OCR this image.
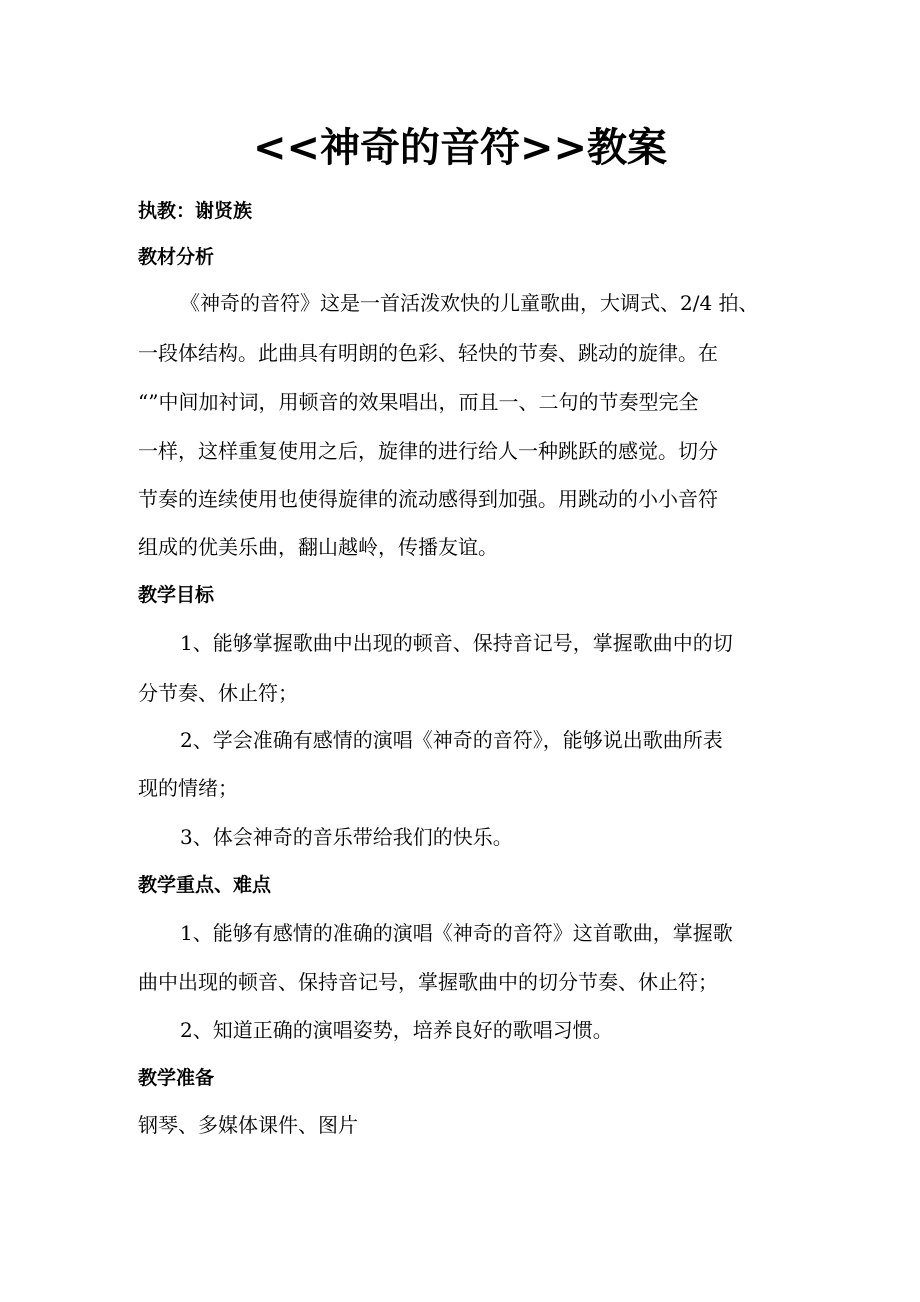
<<神奇的音符>>教案
执教：谢贤族
教材分析
《神奇的音符》这是一首活泼欢快的儿童歌曲，大调式、2/4 拍、
一段体结构。此曲具有明朗的色彩、轻快的节奏、跳动的旋律。在
“”中间加衬词，用顿音的效果唱出，而且一、二句的节奏型完全
一样，这样重复使用之后，旋律的进行给人一种跳跃的感觉。切分
节奏的连续使用也使得旋律的流动感得到加强。用跳动的小小音符
组成的优美乐曲，翻山越岭，传播友谊。
教学目标
1、能够掌握歌曲中出现的顿音、保持音记号，掌握歌曲中的切
分节奏、休止符；
2、学会准确有感情的演唱《神奇的音符》，能够说出歌曲所表
现的情绪；
3、体会神奇的音乐带给我们的快乐。
教学重点、难点
1、能够有感情的准确的演唱《神奇的音符》这首歌曲，掌握歌
曲中出现的顿音、保持音记号，掌握歌曲中的切分节奏、休止符；
2、知道正确的演唱姿势，培养良好的歌唱习惯。
教学准备
钢琴、多媒体课件、图片
